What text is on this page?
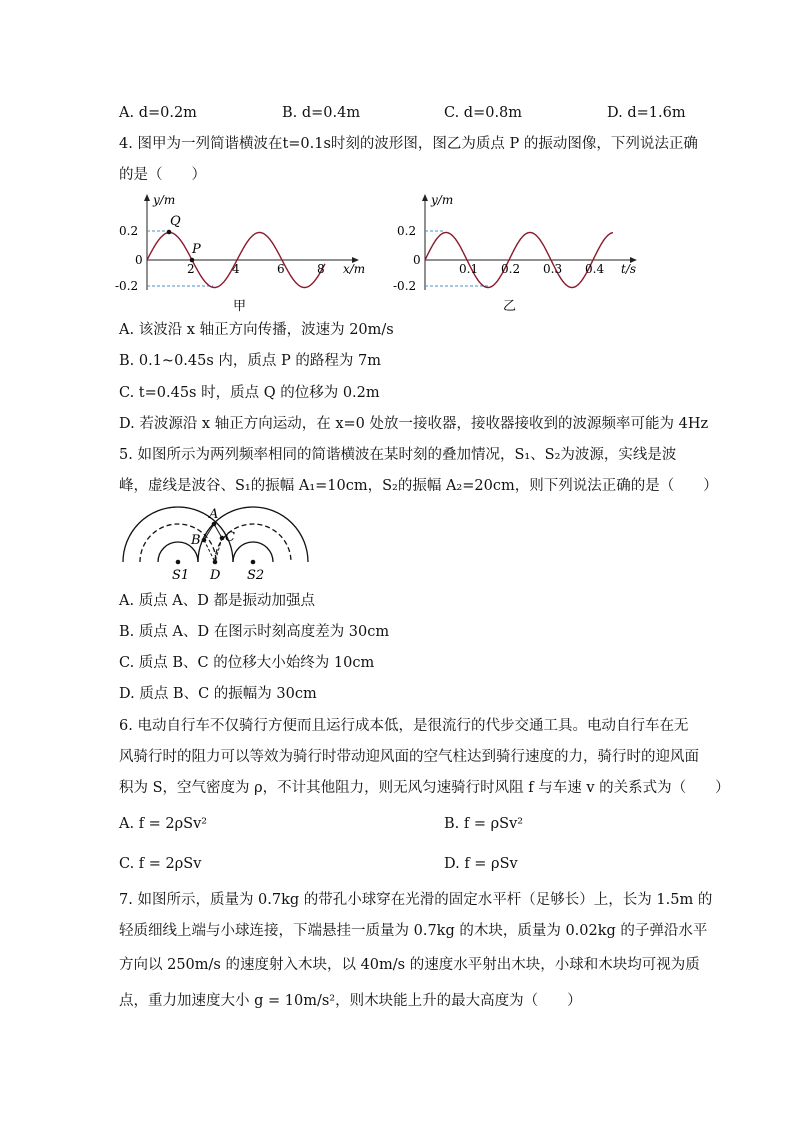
A. d=0.2m	B. d=0.4m	C. d=0.8m	D. d=1.6m
4. 图甲为一列简谐横波在t=0.1s时刻的波形图，图乙为质点 P 的振动图像，下列说法正确
的是（　　）
y/m
0.2
0
-0.2
2	4	6	8 x/m
Q
P
甲
y/m
0.2
0
-0.2
0.1 0.2 0.3 0.4 t/s
乙
A. 该波沿 x 轴正方向传播，波速为 20m/s
B. 0.1~0.45s 内，质点 P 的路程为 7m
C. t=0.45s 时，质点 Q 的位移为 0.2m
D. 若波源沿 x 轴正方向运动，在 x=0 处放一接收器，接收器接收到的波源频率可能为 4Hz
5. 如图所示为两列频率相同的简谐横波在某时刻的叠加情况，S₁、S₂为波源，实线是波
峰，虚线是波谷、S₁的振幅 A₁=10cm，S₂的振幅 A₂=20cm，则下列说法正确的是（　　）
A
B C
D
S1	S2
A. 质点 A、D 都是振动加强点
B. 质点 A、D 在图示时刻高度差为 30cm
C. 质点 B、C 的位移大小始终为 10cm
D. 质点 B、C 的振幅为 30cm
6. 电动自行车不仅骑行方便而且运行成本低，是很流行的代步交通工具。电动自行车在无
风骑行时的阻力可以等效为骑行时带动迎风面的空气柱达到骑行速度的力，骑行时的迎风面
积为 S，空气密度为 ρ，不计其他阻力，则无风匀速骑行时风阻 f 与车速 v 的关系式为（　　）
A. f = 2ρSv²	B. f = ρSv²
C. f = 2ρSv	D. f = ρSv
7. 如图所示，质量为 0.7kg 的带孔小球穿在光滑的固定水平杆（足够长）上，长为 1.5m 的
轻质细线上端与小球连接，下端悬挂一质量为 0.7kg 的木块，质量为 0.02kg 的子弹沿水平
方向以 250m/s 的速度射入木块，以 40m/s 的速度水平射出木块，小球和木块均可视为质
点，重力加速度大小 g = 10m/s²，则木块能上升的最大高度为（　　）
